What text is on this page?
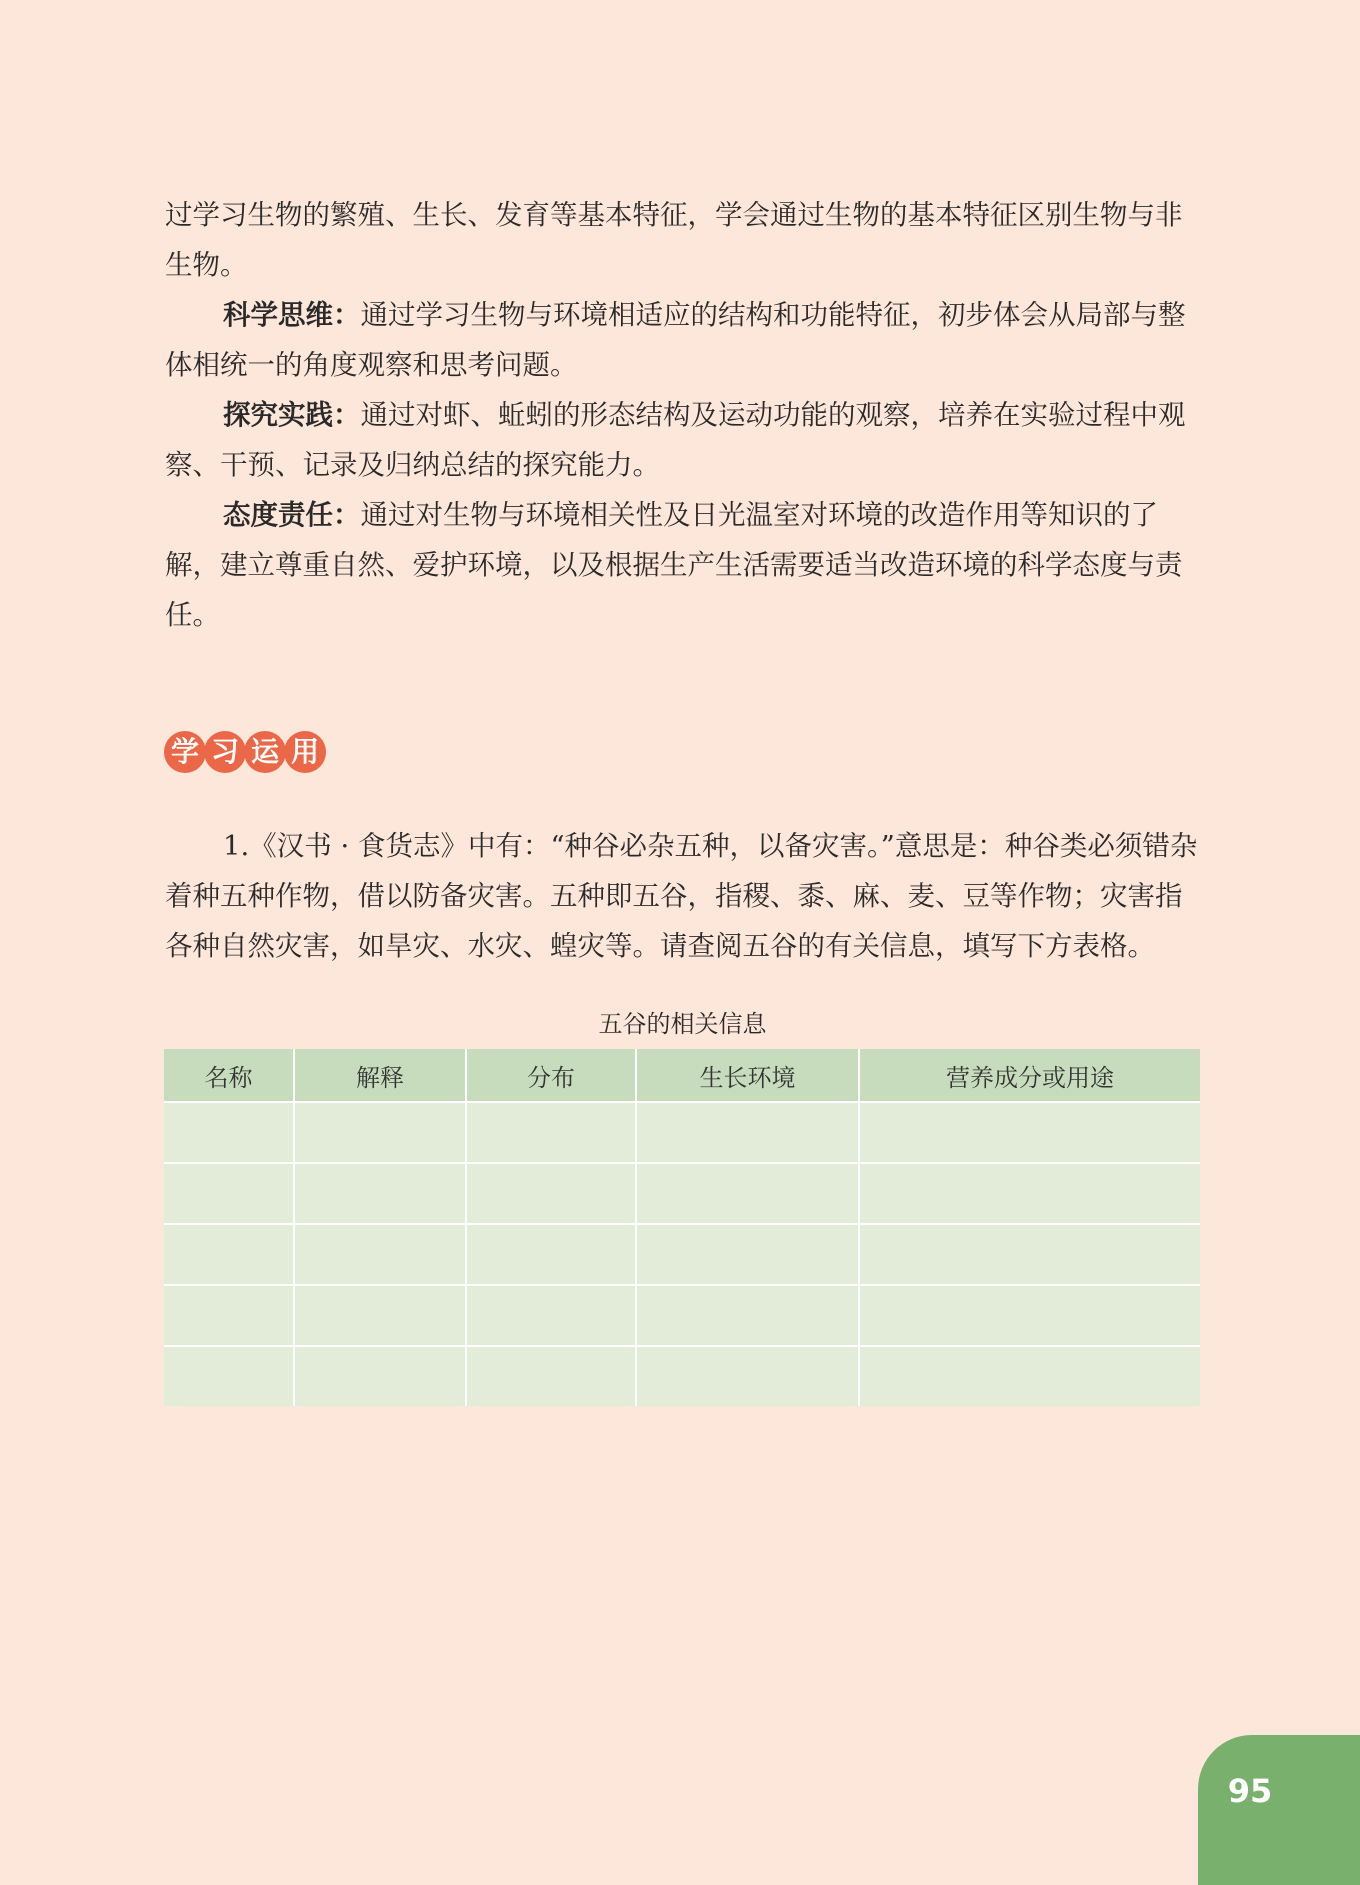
过学习生物的繁殖、生长、发育等基本特征，学会通过生物的基本特征区别生物与非生物。

科学思维：通过学习生物与环境相适应的结构和功能特征，初步体会从局部与整体相统一的角度观察和思考问题。

探究实践：通过对虾、蚯蚓的形态结构及运动功能的观察，培养在实验过程中观察、干预、记录及归纳总结的探究能力。

态度责任：通过对生物与环境相关性及日光温室对环境的改造作用等知识的了解，建立尊重自然、爱护环境，以及根据生产生活需要适当改造环境的科学态度与责任。

学 习 运 用

1.《汉书 · 食货志》中有：“种谷必杂五种，以备灾害。”意思是：种谷类必须错杂着种五种作物，借以防备灾害。五种即五谷，指稷、黍、麻、麦、豆等作物；灾害指各种自然灾害，如旱灾、水灾、蝗灾等。请查阅五谷的有关信息，填写下方表格。

五谷的相关信息
名称	解释	分布	生长环境	营养成分或用途

95
